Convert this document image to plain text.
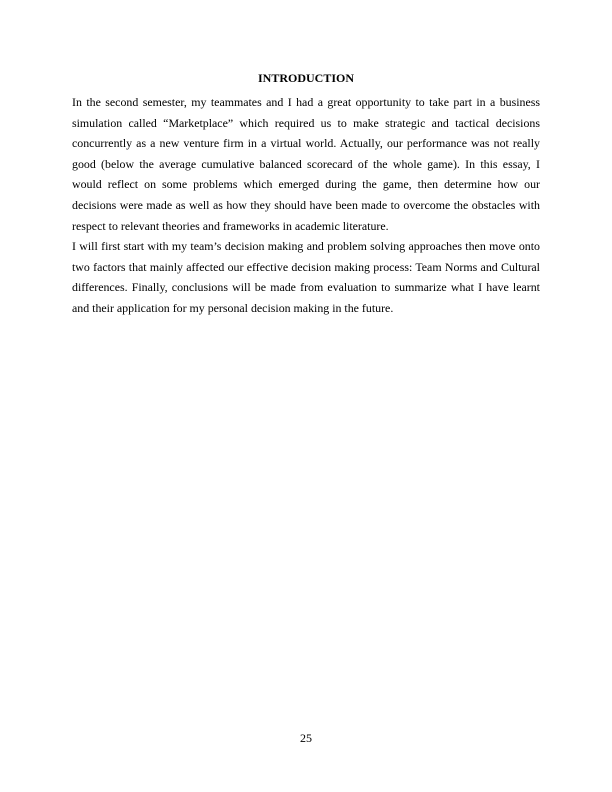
INTRODUCTION

In the second semester, my teammates and I had a great opportunity to take part in a business simulation called “Marketplace” which required us to make strategic and tactical decisions concurrently as a new venture firm in a virtual world. Actually, our performance was not really good (below the average cumulative balanced scorecard of the whole game). In this essay, I would reflect on some problems which emerged during the game, then determine how our decisions were made as well as how they should have been made to overcome the obstacles with respect to relevant theories and frameworks in academic literature.

I will first start with my team’s decision making and problem solving approaches then move onto two factors that mainly affected our effective decision making process: Team Norms and Cultural differences. Finally, conclusions will be made from evaluation to summarize what I have learnt and their application for my personal decision making in the future.

25
